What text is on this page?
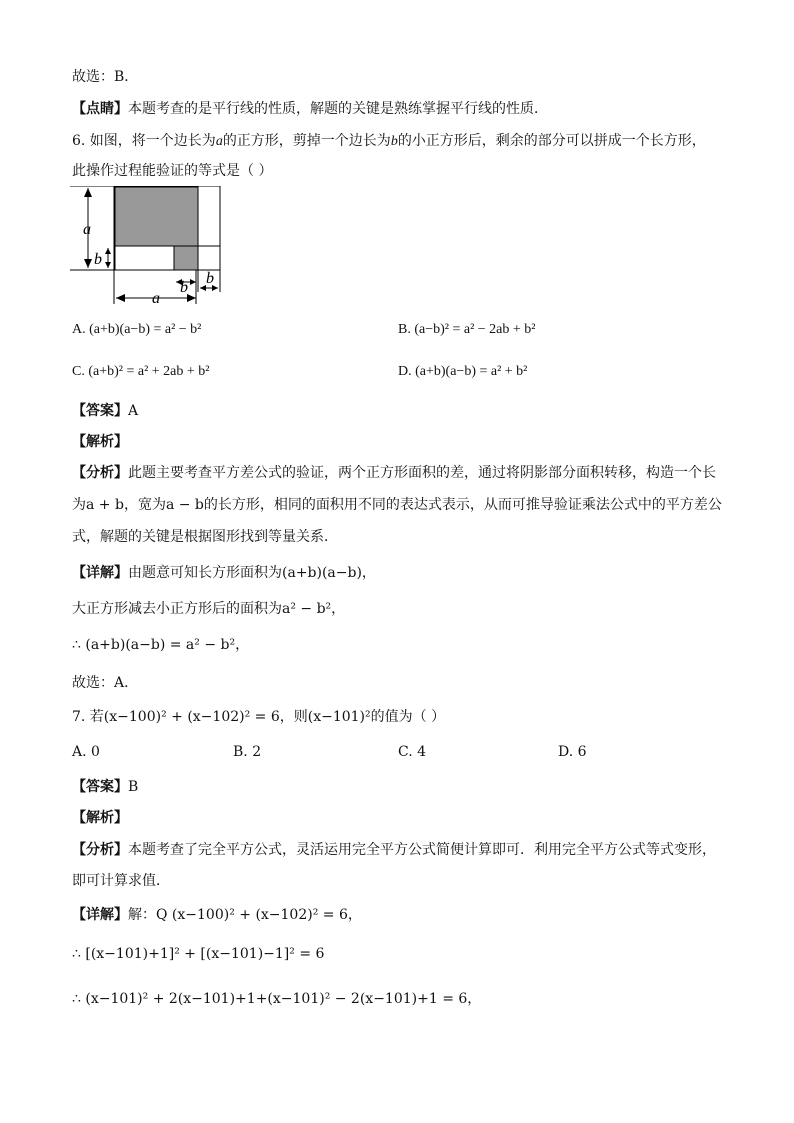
故选：B．
【点睛】本题考查的是平行线的性质，解题的关键是熟练掌握平行线的性质．
6. 如图，将一个边长为a的正方形，剪掉一个边长为b的小正方形后，剩余的部分可以拼成一个长方形，
此操作过程能验证的等式是（ ）
a
b
b
b
a
A. (a+b)(a−b) = a² − b²	B. (a−b)² = a² − 2ab + b²
C. (a+b)² = a² + 2ab + b²	D. (a+b)(a−b) = a² + b²
【答案】A
【解析】
【分析】此题主要考查平方差公式的验证，两个正方形面积的差，通过将阴影部分面积转移，构造一个长
为a + b，宽为a − b的长方形，相同的面积用不同的表达式表示，从而可推导验证乘法公式中的平方差公
式，解题的关键是根据图形找到等量关系．
【详解】由题意可知长方形面积为(a+b)(a−b)，
大正方形减去小正方形后的面积为a² − b²，
∴ (a+b)(a−b) = a² − b²，
故选：A．
7. 若(x−100)² + (x−102)² = 6，则(x−101)²的值为（ ）
A. 0	B. 2	C. 4	D. 6
【答案】B
【解析】
【分析】本题考查了完全平方公式，灵活运用完全平方公式简便计算即可．利用完全平方公式等式变形，
即可计算求值．
【详解】解：Q (x−100)² + (x−102)² = 6，
∴ [(x−101)+1]² + [(x−101)−1]² = 6
∴ (x−101)² + 2(x−101)+1+(x−101)² − 2(x−101)+1 = 6，
